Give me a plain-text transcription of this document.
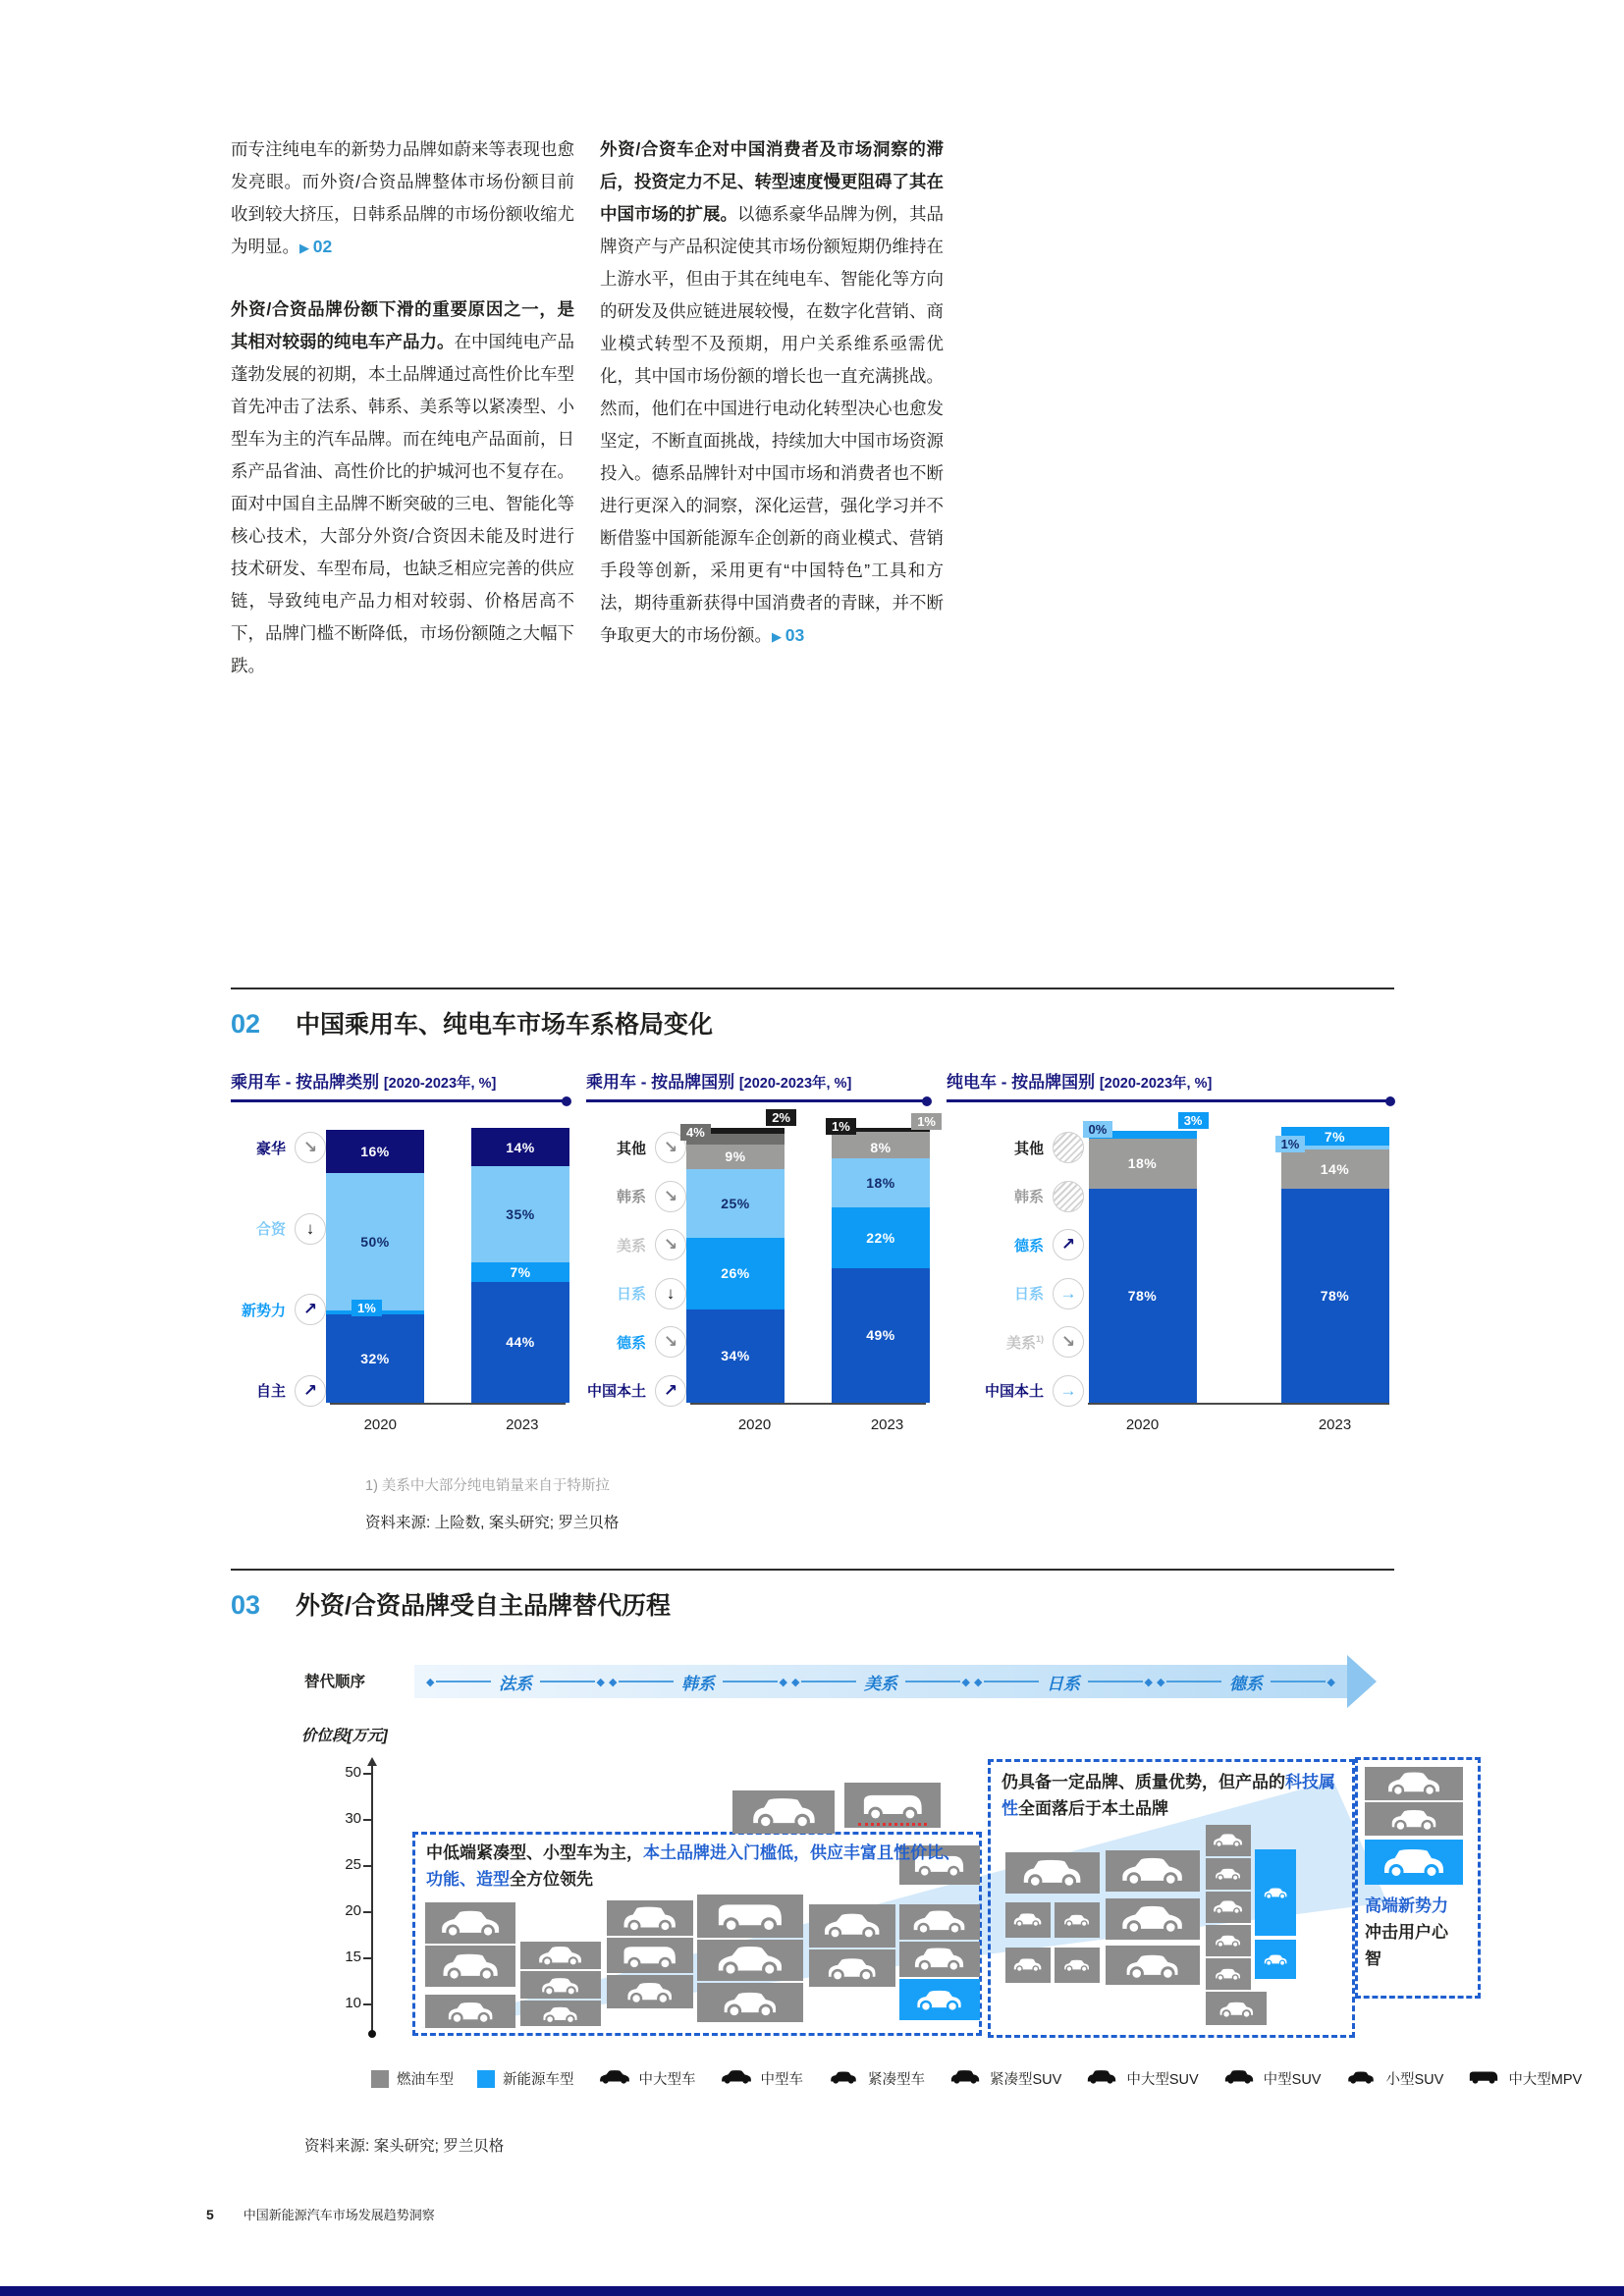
而专注纯电车的新势力品牌如蔚来等表现也愈发亮眼。而外资/合资品牌整体市场份额目前收到较大挤压，日韩系品牌的市场份额收缩尤为明显。 ▶ 02

外资/合资品牌份额下滑的重要原因之一，是其相对较弱的纯电车产品力。在中国纯电产品蓬勃发展的初期，本土品牌通过高性价比车型首先冲击了法系、韩系、美系等以紧凑型、小型车为主的汽车品牌。而在纯电产品面前，日系产品省油、高性价比的护城河也不复存在。面对中国自主品牌不断突破的三电、智能化等核心技术，大部分外资/合资因未能及时进行技术研发、车型布局，也缺乏相应完善的供应链，导致纯电产品力相对较弱、价格居高不下，品牌门槛不断降低，市场份额随之大幅下跌。

外资/合资车企对中国消费者及市场洞察的滞后，投资定力不足、转型速度慢更阻碍了其在中国市场的扩展。以德系豪华品牌为例，其品牌资产与产品积淀使其市场份额短期仍维持在上游水平，但由于其在纯电车、智能化等方向的研发及供应链进展较慢，在数字化营销、商业模式转型不及预期，用户关系维系亟需优化，其中国市场份额的增长也一直充满挑战。然而，他们在中国进行电动化转型决心也愈发坚定，不断直面挑战，持续加大中国市场资源投入。德系品牌针对中国市场和消费者也不断进行更深入的洞察，深化运营，强化学习并不断借鉴中国新能源车企创新的商业模式、营销手段等创新，采用更有“中国特色”工具和方法，期待重新获得中国消费者的青睐，并不断争取更大的市场份额。 ▶ 03

02 中国乘用车、纯电车市场车系格局变化
乘用车 - 按品牌类别 [2020-2023年, %]
豪华	↘
合资	↓
新势力	↗
自主	↗
16%
50%
1%
32%
14%
35%
7%
44%
2020	2023
乘用车 - 按品牌国别 [2020-2023年, %]
其他	↘
韩系	↘
美系	↘
日系	↓
德系	↘
中国本土	↗
2%
4%
9%
25%
26%
34%
1%	1%
8%
18%
22%
49%
2020	2023
纯电车 - 按品牌国别 [2020-2023年, %]
其他
韩系
德系	↗
日系 →
美系$^{1)}$	↘
中国本土 →
0%
3%
18%
78%
7%
1%
14%
78%
2020	2023
1) 美系中大部分纯电销量来自于特斯拉
资料来源: 上险数, 案头研究; 罗兰贝格
03 外资/合资品牌受自主品牌替代历程
替代顺序	◆	法系	◆ ◆	韩系	◆ ◆	美系	◆ ◆	日系	◆ ◆	德系	◆
价位段[万元]
50
30
25
20
15
10
中低端紧凑型、小型车为主，本土品牌进入门槛低，供应丰富且性价比、功能、造型全方位领先
仍具备一定品牌、质量优势，但产品的科技属性全面落后于本土品牌
高端新势力冲击用户心智
燃油车型	新能源车型	中大型车	中型车	紧凑型车	紧凑型SUV	中大型SUV	中型SUV	小型SUV	中大型MPV
资料来源: 案头研究; 罗兰贝格
5 中国新能源汽车市场发展趋势洞察
